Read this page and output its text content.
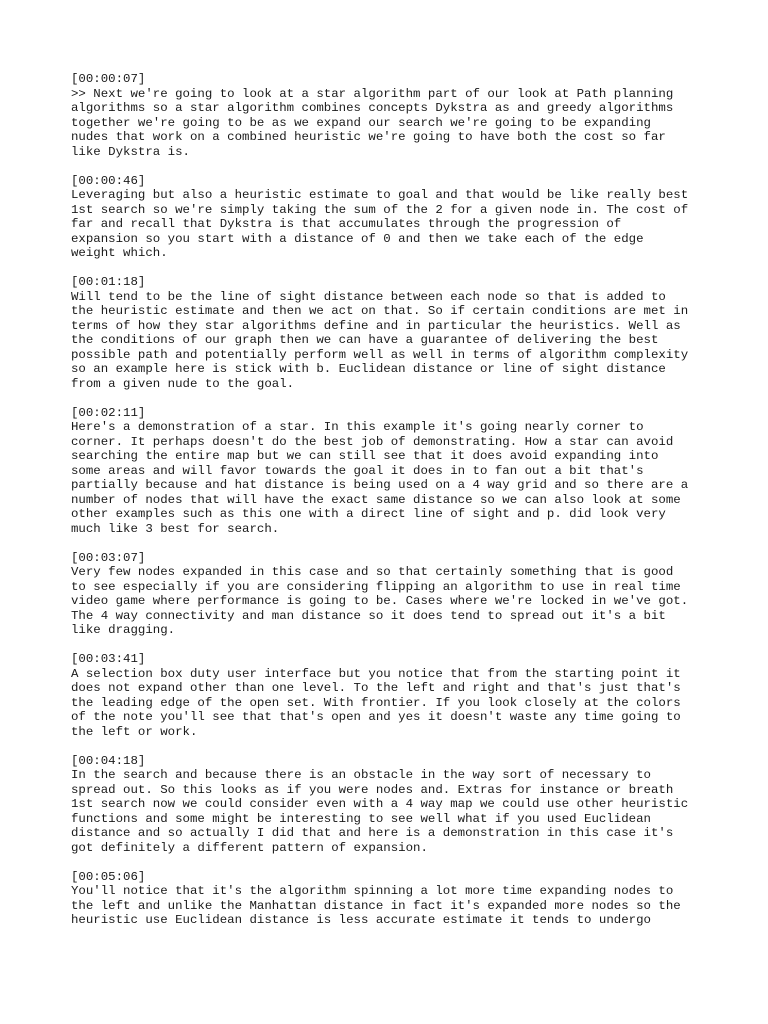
[00:00:07]
>> Next we're going to look at a star algorithm part of our look at Path planning
algorithms so a star algorithm combines concepts Dykstra as and greedy algorithms
together we're going to be as we expand our search we're going to be expanding
nudes that work on a combined heuristic we're going to have both the cost so far
like Dykstra is.
[00:00:46]
Leveraging but also a heuristic estimate to goal and that would be like really best
1st search so we're simply taking the sum of the 2 for a given node in. The cost of
far and recall that Dykstra is that accumulates through the progression of
expansion so you start with a distance of 0 and then we take each of the edge
weight which.
[00:01:18]
Will tend to be the line of sight distance between each node so that is added to
the heuristic estimate and then we act on that. So if certain conditions are met in
terms of how they star algorithms define and in particular the heuristics. Well as
the conditions of our graph then we can have a guarantee of delivering the best
possible path and potentially perform well as well in terms of algorithm complexity
so an example here is stick with b. Euclidean distance or line of sight distance
from a given nude to the goal.
[00:02:11]
Here's a demonstration of a star. In this example it's going nearly corner to
corner. It perhaps doesn't do the best job of demonstrating. How a star can avoid
searching the entire map but we can still see that it does avoid expanding into
some areas and will favor towards the goal it does in to fan out a bit that's
partially because and hat distance is being used on a 4 way grid and so there are a
number of nodes that will have the exact same distance so we can also look at some
other examples such as this one with a direct line of sight and p. did look very
much like 3 best for search.
[00:03:07]
Very few nodes expanded in this case and so that certainly something that is good
to see especially if you are considering flipping an algorithm to use in real time
video game where performance is going to be. Cases where we're locked in we've got.
The 4 way connectivity and man distance so it does tend to spread out it's a bit
like dragging.
[00:03:41]
A selection box duty user interface but you notice that from the starting point it
does not expand other than one level. To the left and right and that's just that's
the leading edge of the open set. With frontier. If you look closely at the colors
of the note you'll see that that's open and yes it doesn't waste any time going to
the left or work.
[00:04:18]
In the search and because there is an obstacle in the way sort of necessary to
spread out. So this looks as if you were nodes and. Extras for instance or breath
1st search now we could consider even with a 4 way map we could use other heuristic
functions and some might be interesting to see well what if you used Euclidean
distance and so actually I did that and here is a demonstration in this case it's
got definitely a different pattern of expansion.
[00:05:06]
You'll notice that it's the algorithm spinning a lot more time expanding nodes to
the left and unlike the Manhattan distance in fact it's expanded more nodes so the
heuristic use Euclidean distance is less accurate estimate it tends to undergo
